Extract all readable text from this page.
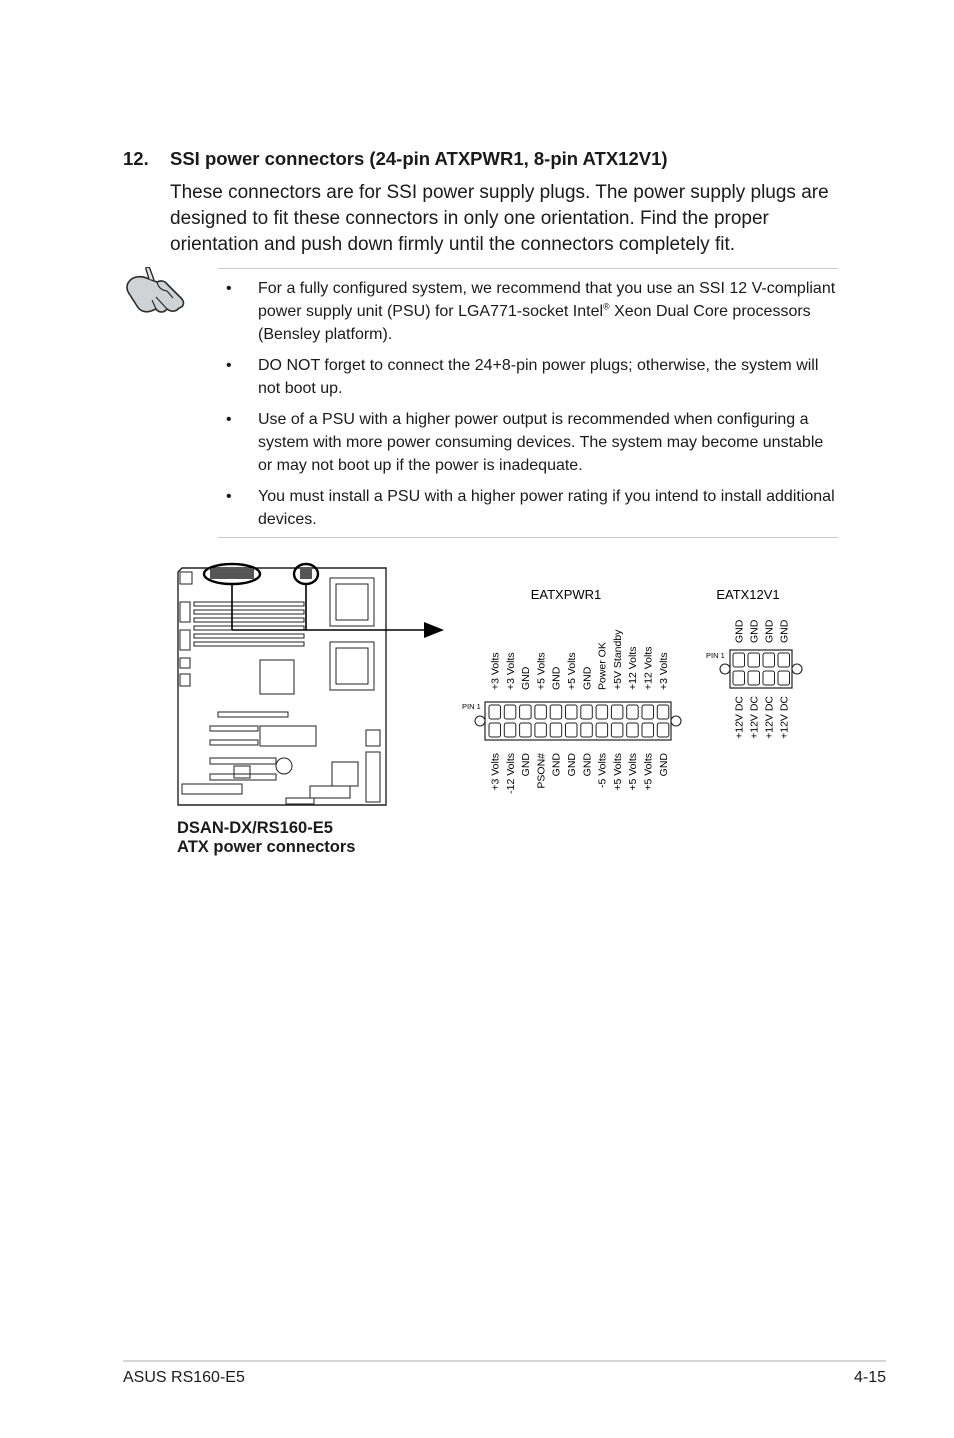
12. SSI power connectors (24-pin ATXPWR1, 8-pin ATX12V1)
These connectors are for SSI power supply plugs. The power supply plugs are designed to fit these connectors in only one orientation. Find the proper orientation and push down firmly until the connectors completely fit.
• For a fully configured system, we recommend that you use an SSI 12 V-compliant power supply unit (PSU) for LGA771-socket Intel® Xeon Dual Core processors (Bensley platform).
• DO NOT forget to connect the 24+8-pin power plugs; otherwise, the system will not boot up.
• Use of a PSU with a higher power output is recommended when configuring a system with more power consuming devices. The system may become unstable or may not boot up if the power is inadequate.
• You must install a PSU with a higher power rating if you intend to install additional devices.
EATXPWR1
PIN 1
+3 Volts +3 Volts GND +5 Volts GND +5 Volts GND Power OK +5V Standby +12 Volts +12 Volts +3 Volts
+3 Volts -12 Volts GND PSON# GND GND GND -5 Volts +5 Volts +5 Volts +5 Volts GND
EATX12V1
PIN 1
GND GND GND GND
+12V DC +12V DC +12V DC +12V DC
DSAN-DX/RS160-E5
ATX power connectors
ASUS RS160-E5	4-15
